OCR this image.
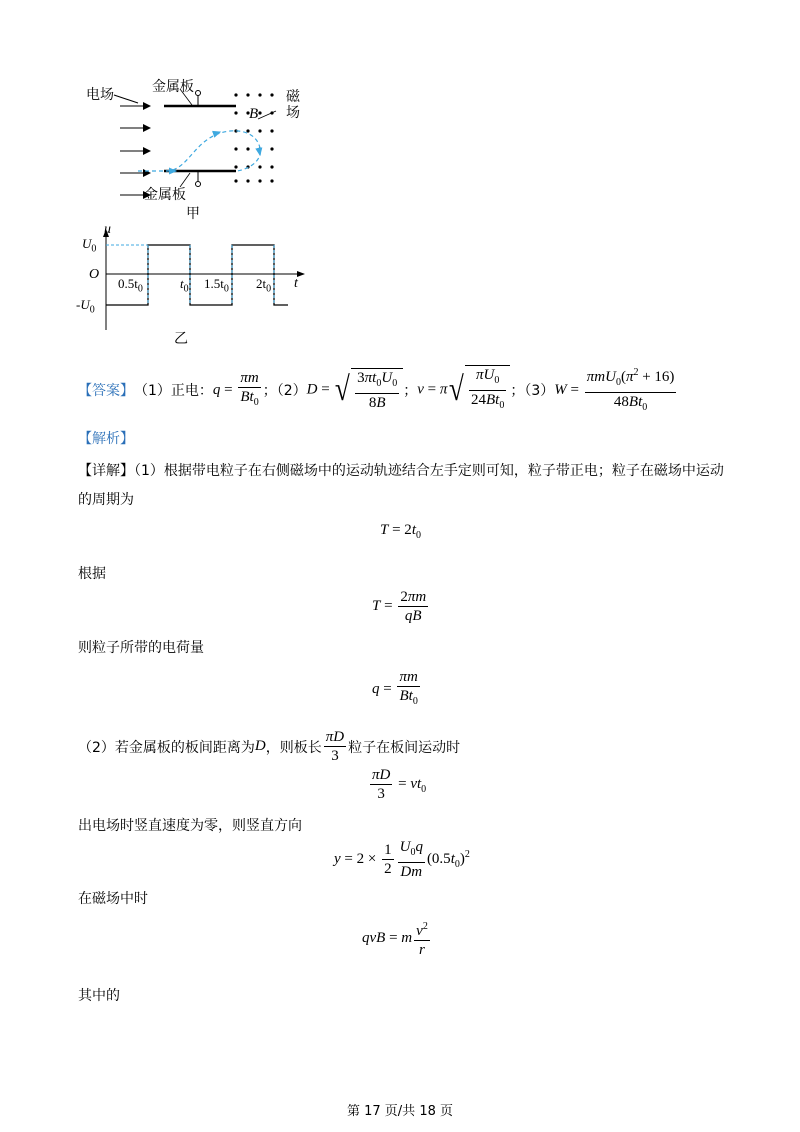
电场	金属板
金属板
磁
场
B
甲
u
$U_0$
O
$-U_0$
$0.5t_0$	$t_0$ $1.5t_0$ $2t_0$ t
乙
【答案】 （1）正电： $q = \frac{\pi m}{Bt_0}$ ；（2） D = √ $\frac{3\pi t_0U_0}{8B}$ ； $v = \pi√ \frac{\pi U_0}{24Bt_0}$ ；（3） $W = \frac{\pi mU_0(\pi^2 + 16)}{48Bt_0}$
【解析】
【详解】（1）根据带电粒子在右侧磁场中的运动轨迹结合左手定则可知，粒子带正电；粒子在磁场中运动
的周期为
$T = 2t_0$
根据
$T = \frac{2\pi m}{qB}$
则粒子所带的电荷量
$q = \frac{\pi m}{Bt_0}$
（2）若金属板的板间距离为 D ，则板长 $\frac{\pi D}{3}$ 粒子在板间运动时
$\frac{\pi D}{3} = vt_0$
出电场时竖直速度为零，则竖直方向
$y = 2 \times \frac{1}{2} \frac{U_0q}{Dm} (0.5t_0)^2$
在磁场中时
qvB = m $\frac{v^2}{r}$
其中的
第 17 页/共 18 页
